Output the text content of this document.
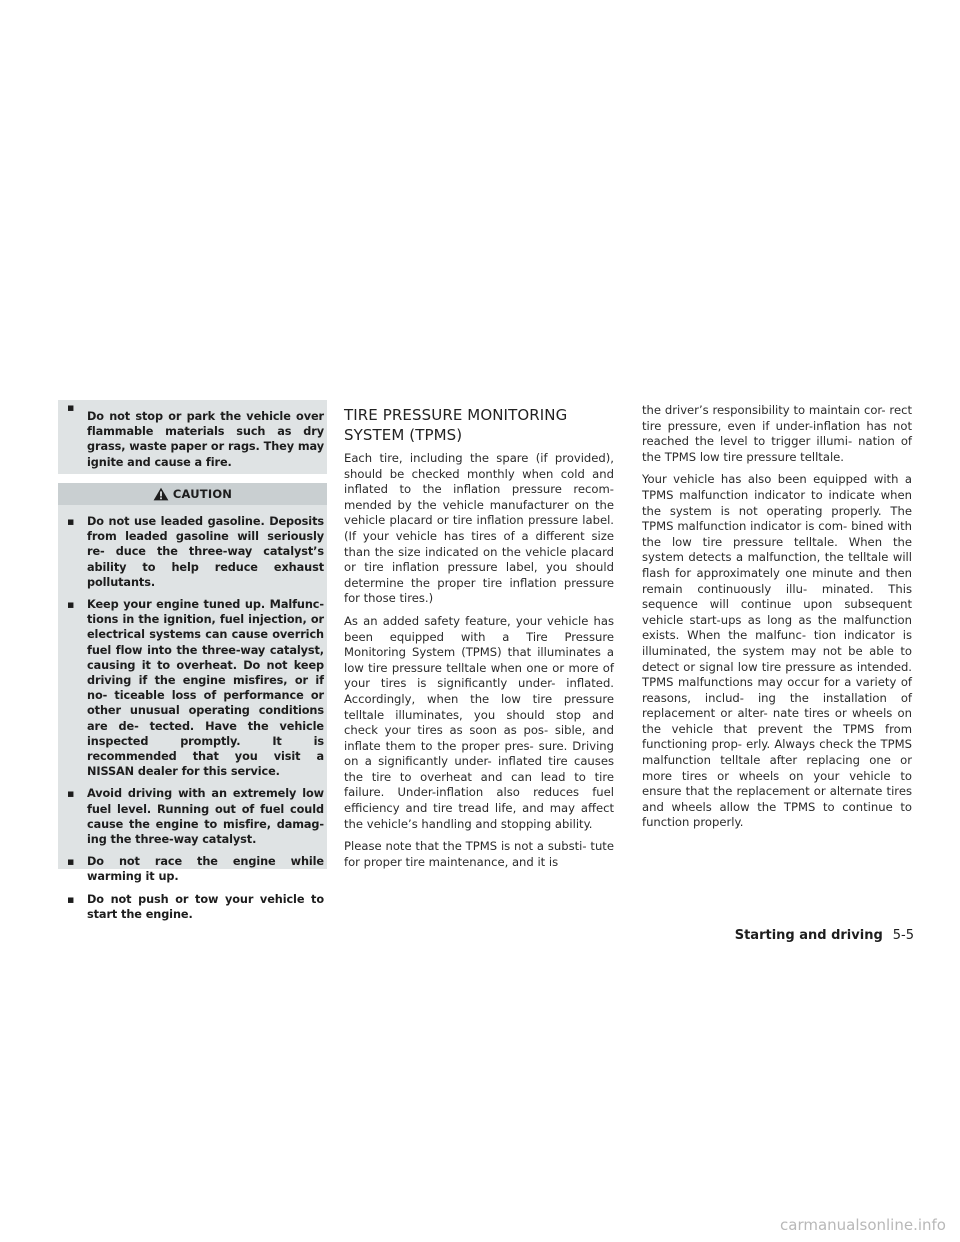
▪ Do not stop or park the vehicle over flammable materials such as dry grass, waste paper or rags. They may ignite and cause a fire.

CAUTION

▪ Do not use leaded gasoline. Deposits from leaded gasoline will seriously re- duce the three-way catalyst’s ability to help reduce exhaust pollutants.

▪ Keep your engine tuned up. Malfunc- tions in the ignition, fuel injection, or electrical systems can cause overrich fuel flow into the three-way catalyst, causing it to overheat. Do not keep driving if the engine misfires, or if no- ticeable loss of performance or other unusual operating conditions are de- tected. Have the vehicle inspected promptly. It is recommended that you visit a NISSAN dealer for this service.

▪ Avoid driving with an extremely low fuel level. Running out of fuel could cause the engine to misfire, damag- ing the three-way catalyst.

▪ Do not race the engine while warming it up.

▪ Do not push or tow your vehicle to start the engine.

TIRE PRESSURE MONITORING SYSTEM (TPMS)

Each tire, including the spare (if provided), should be checked monthly when cold and inflated to the inflation pressure recom- mended by the vehicle manufacturer on the vehicle placard or tire inflation pressure label. (If your vehicle has tires of a different size than the size indicated on the vehicle placard or tire inflation pressure label, you should determine the proper tire inflation pressure for those tires.)

As an added safety feature, your vehicle has been equipped with a Tire Pressure Monitoring System (TPMS) that illuminates a low tire pressure telltale when one or more of your tires is significantly under- inflated. Accordingly, when the low tire pressure telltale illuminates, you should stop and check your tires as soon as pos- sible, and inflate them to the proper pres- sure. Driving on a significantly under- inflated tire causes the tire to overheat and can lead to tire failure. Under-inflation also reduces fuel efficiency and tire tread life, and may affect the vehicle’s handling and stopping ability.

Please note that the TPMS is not a substi- tute for proper tire maintenance, and it is

the driver’s responsibility to maintain cor- rect tire pressure, even if under-inflation has not reached the level to trigger illumi- nation of the TPMS low tire pressure telltale.

Your vehicle has also been equipped with a TPMS malfunction indicator to indicate when the system is not operating properly. The TPMS malfunction indicator is com- bined with the low tire pressure telltale. When the system detects a malfunction, the telltale will flash for approximately one minute and then remain continuously illu- minated. This sequence will continue upon subsequent vehicle start-ups as long as the malfunction exists. When the malfunc- tion indicator is illuminated, the system may not be able to detect or signal low tire pressure as intended. TPMS malfunctions may occur for a variety of reasons, includ- ing the installation of replacement or alter- nate tires or wheels on the vehicle that prevent the TPMS from functioning prop- erly. Always check the TPMS malfunction telltale after replacing one or more tires or wheels on your vehicle to ensure that the replacement or alternate tires and wheels allow the TPMS to continue to function properly.

Starting and driving 5-5
carmanualsonline.info
